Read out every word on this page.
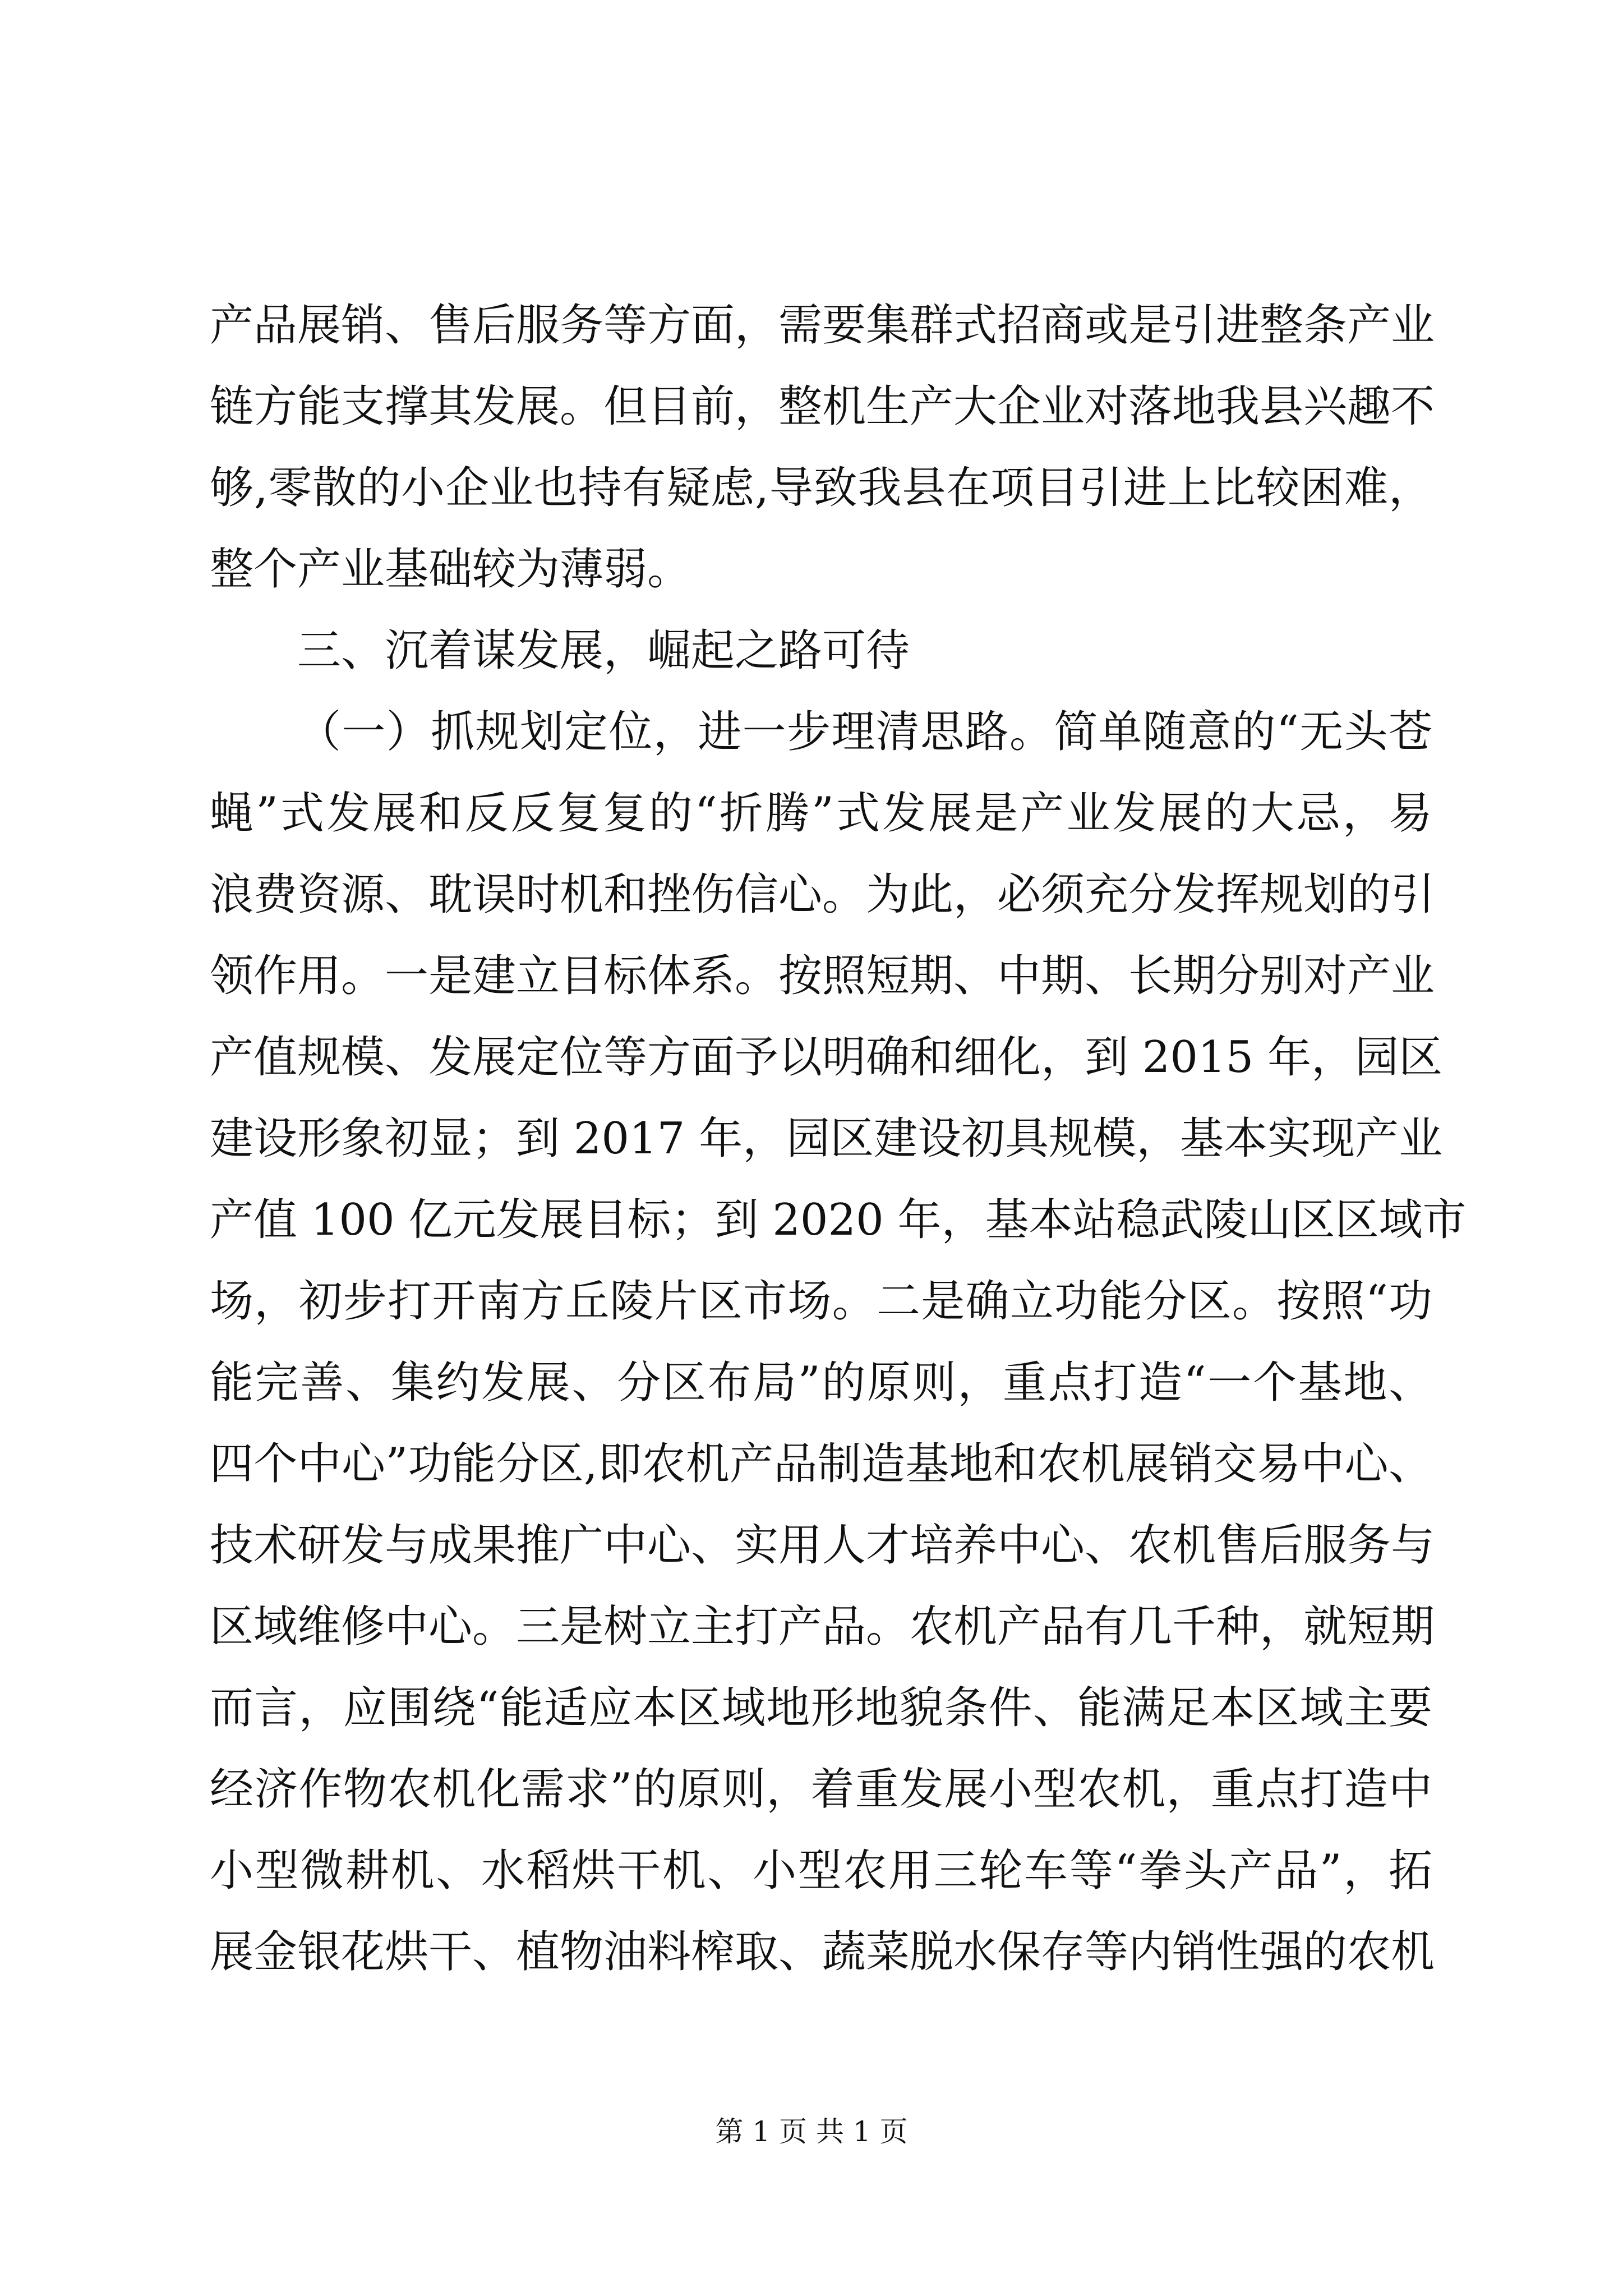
产品展销、售后服务等方面，需要集群式招商或是引进整条产业
链方能支撑其发展。但目前，整机生产大企业对落地我县兴趣不
够,零散的小企业也持有疑虑,导致我县在项目引进上比较困难，
整个产业基础较为薄弱。
三、沉着谋发展，崛起之路可待
（一）抓规划定位，进一步理清思路。简单随意的“无头苍
蝇”式发展和反反复复的“折腾”式发展是产业发展的大忌，易
浪费资源、耽误时机和挫伤信心。为此，必须充分发挥规划的引
领作用。一是建立目标体系。按照短期、中期、长期分别对产业
产值规模、发展定位等方面予以明确和细化，到 2015 年，园区
建设形象初显；到 2017 年，园区建设初具规模，基本实现产业
产值 100 亿元发展目标；到 2020 年，基本站稳武陵山区区域市
场，初步打开南方丘陵片区市场。二是确立功能分区。按照“功
能完善、集约发展、分区布局”的原则，重点打造“一个基地、
四个中心”功能分区,即农机产品制造基地和农机展销交易中心、
技术研发与成果推广中心、实用人才培养中心、农机售后服务与
区域维修中心。三是树立主打产品。农机产品有几千种，就短期
而言，应围绕“能适应本区域地形地貌条件、能满足本区域主要
经济作物农机化需求”的原则，着重发展小型农机，重点打造中
小型微耕机、水稻烘干机、小型农用三轮车等“拳头产品”，拓
展金银花烘干、植物油料榨取、蔬菜脱水保存等内销性强的农机
第 1 页 共 1 页
